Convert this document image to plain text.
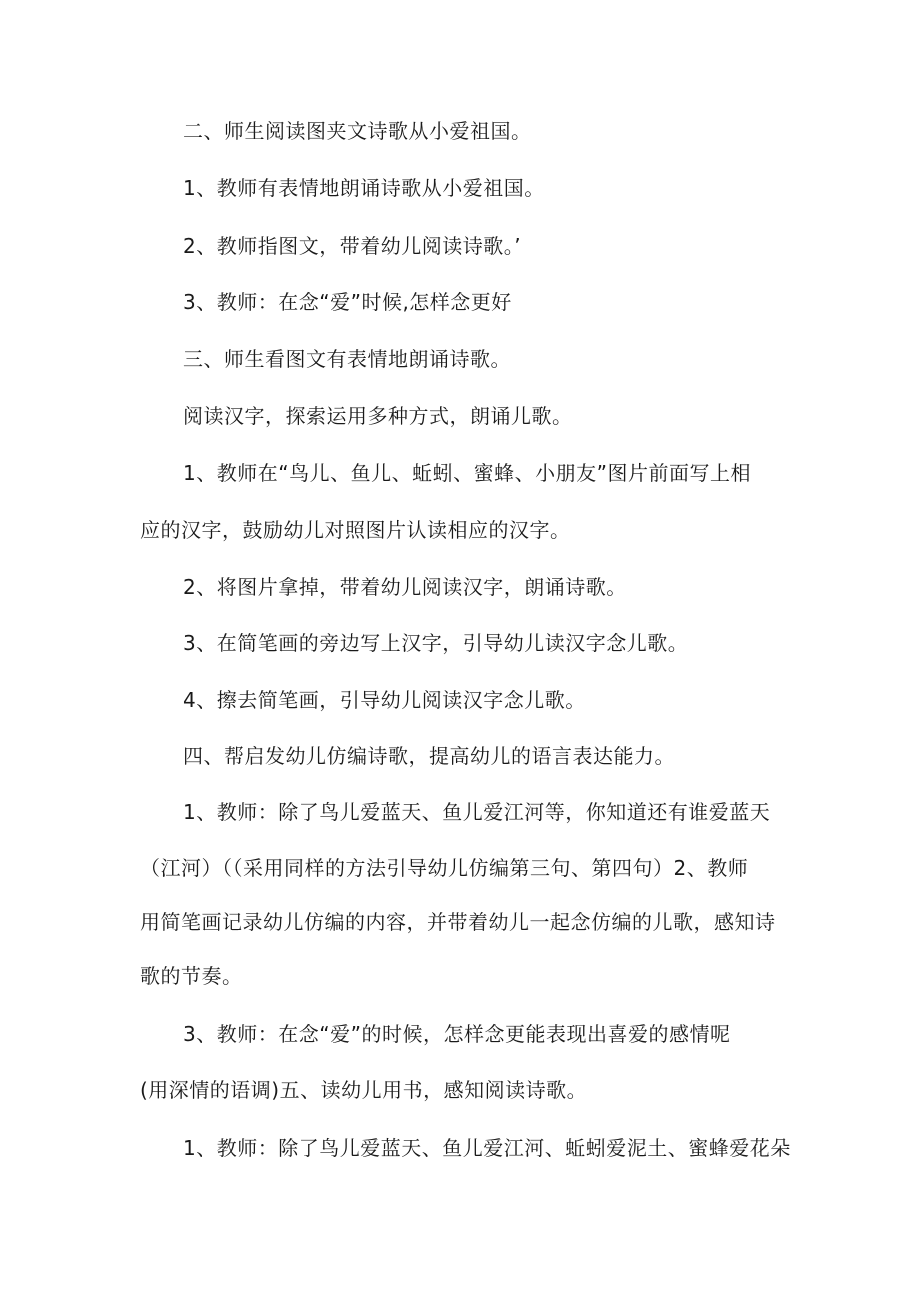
二、师生阅读图夹文诗歌从小爱祖国。
1、教师有表情地朗诵诗歌从小爱祖国。
2、教师指图文，带着幼儿阅读诗歌。’
3、教师：在念“爱”时候,怎样念更好
三、师生看图文有表情地朗诵诗歌。
阅读汉字，探索运用多种方式，朗诵儿歌。
1、教师在“鸟儿、鱼儿、蚯蚓、蜜蜂、小朋友”图片前面写上相
应的汉字，鼓励幼儿对照图片认读相应的汉字。
2、将图片拿掉，带着幼儿阅读汉字，朗诵诗歌。
3、在简笔画的旁边写上汉字，引导幼儿读汉字念儿歌。
4、擦去简笔画，引导幼儿阅读汉字念儿歌。
四、帮启发幼儿仿编诗歌，提高幼儿的语言表达能力。
1、教师：除了鸟儿爱蓝天、鱼儿爱江河等，你知道还有谁爱蓝天
（江河）（（采用同样的方法引导幼儿仿编第三句、第四句）2、教师
用简笔画记录幼儿仿编的内容，并带着幼儿一起念仿编的儿歌，感知诗
歌的节奏。
3、教师：在念“爱”的时候，怎样念更能表现出喜爱的感情呢
(用深情的语调)五、读幼儿用书，感知阅读诗歌。
1、教师：除了鸟儿爱蓝天、鱼儿爱江河、蚯蚓爱泥土、蜜蜂爱花朵
